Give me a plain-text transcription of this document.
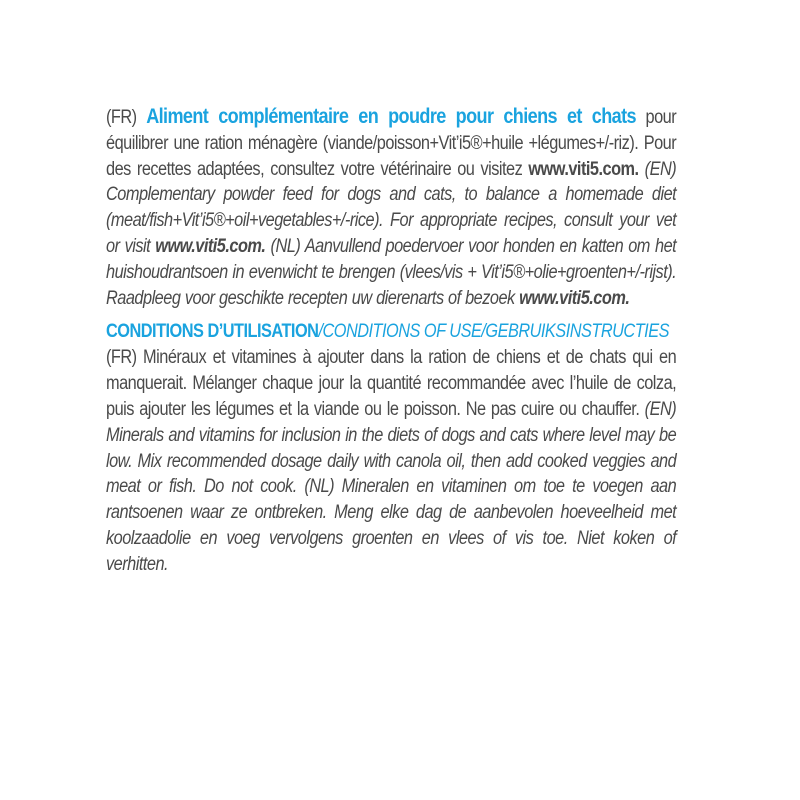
(FR) Aliment complémentaire en poudre pour chiens et chats pour équilibrer une ration ménagère (viande/poisson+Vit’i5®+huile +légumes+/-riz). Pour des recettes adaptées, consultez votre vétérinaire ou visitez www.viti5.com. (EN) Complementary powder feed for dogs and cats, to balance a homemade diet (meat/fish+Vit’i5®+oil+vegetables+/-rice). For appropriate recipes, consult your vet or visit www.viti5.com. (NL) Aanvullend poedervoer voor honden en katten om het huishoudrantsoen in evenwicht te brengen (vlees/vis + Vit’i5®+olie+groenten+/-rijst). Raadpleeg voor geschikte recepten uw dierenarts of bezoek www.viti5.com.

CONDITIONS D’UTILISATION/CONDITIONS OF USE/GEBRUIKSINSTRUCTIES

(FR) Minéraux et vitamines à ajouter dans la ration de chiens et de chats qui en manquerait. Mélanger chaque jour la quantité recommandée avec l’huile de colza, puis ajouter les légumes et la viande ou le poisson. Ne pas cuire ou chauffer. (EN) Minerals and vitamins for inclusion in the diets of dogs and cats where level may be low. Mix recommended dosage daily with canola oil, then add cooked veggies and meat or fish. Do not cook. (NL) Mineralen en vitaminen om toe te voegen aan rantsoenen waar ze ontbreken. Meng elke dag de aanbevolen hoeveelheid met koolzaadolie en voeg vervolgens groenten en vlees of vis toe. Niet koken of verhitten.
